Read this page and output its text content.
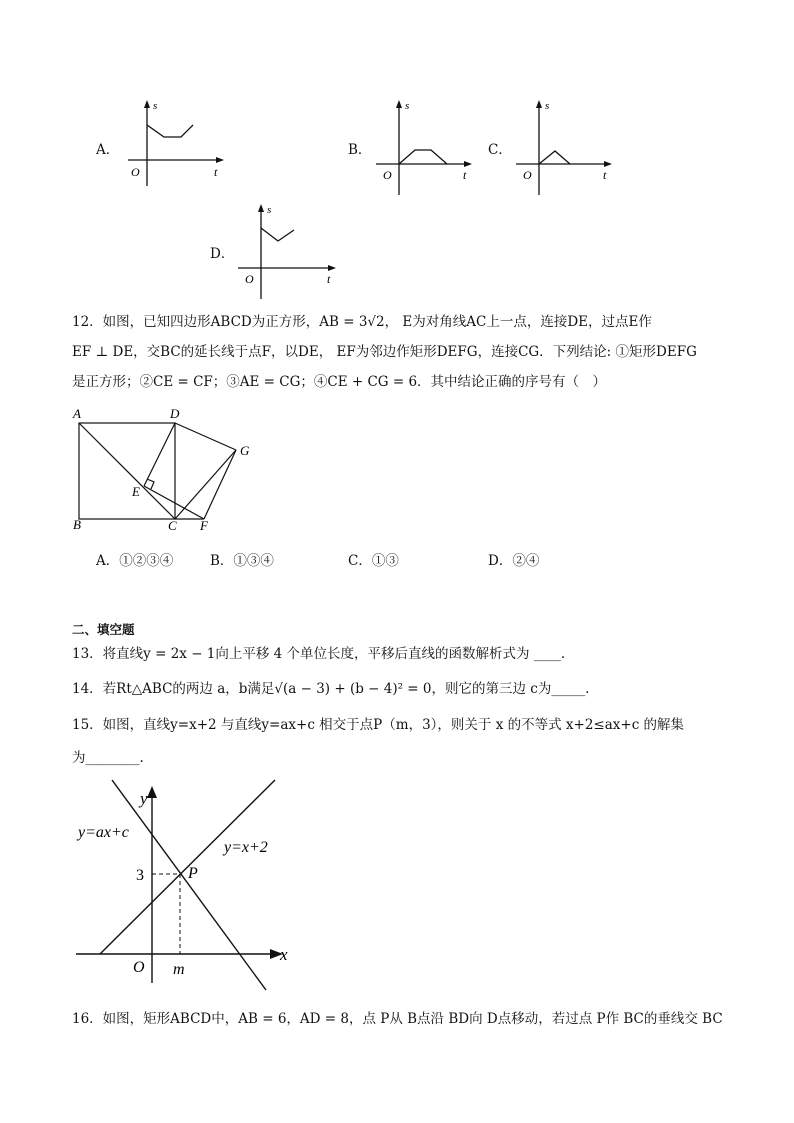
A．
s
t
O
B．
s
t
O
C．
s
t
O
D．
s
t
O
12．如图，已知四边形ABCD为正方形，AB = 3√2， E为对角线AC上一点，连接DE，过点E作
EF ⊥ DE，交BC的延长线于点F，以DE， EF为邻边作矩形DEFG，连接CG．下列结论: ①矩形DEFG
是正方形；②CE = CF；③AE = CG；④CE + CG = 6．其中结论正确的序号有（　）
A	D
G
E
B	C F
A．①②③④	B．①③④	C．①③	D．②④
二、填空题
13．将直线y = 2x − 1向上平移 4 个单位长度，平移后直线的函数解析式为 ____.
14．若Rt△ABC的两边 a，b满足√(a − 3) + (b − 4)² = 0，则它的第三边 c为_____.
15．如图，直线y=x+2 与直线y=ax+c 相交于点P（m，3），则关于 x 的不等式 x+2≤ax+c 的解集
为________.
y
x
O
y=ax+c
y=x+2
P
3
m
16．如图，矩形ABCD中，AB = 6，AD = 8，点 P从 B点沿 BD向 D点移动，若过点 P作 BC的垂线交 BC
